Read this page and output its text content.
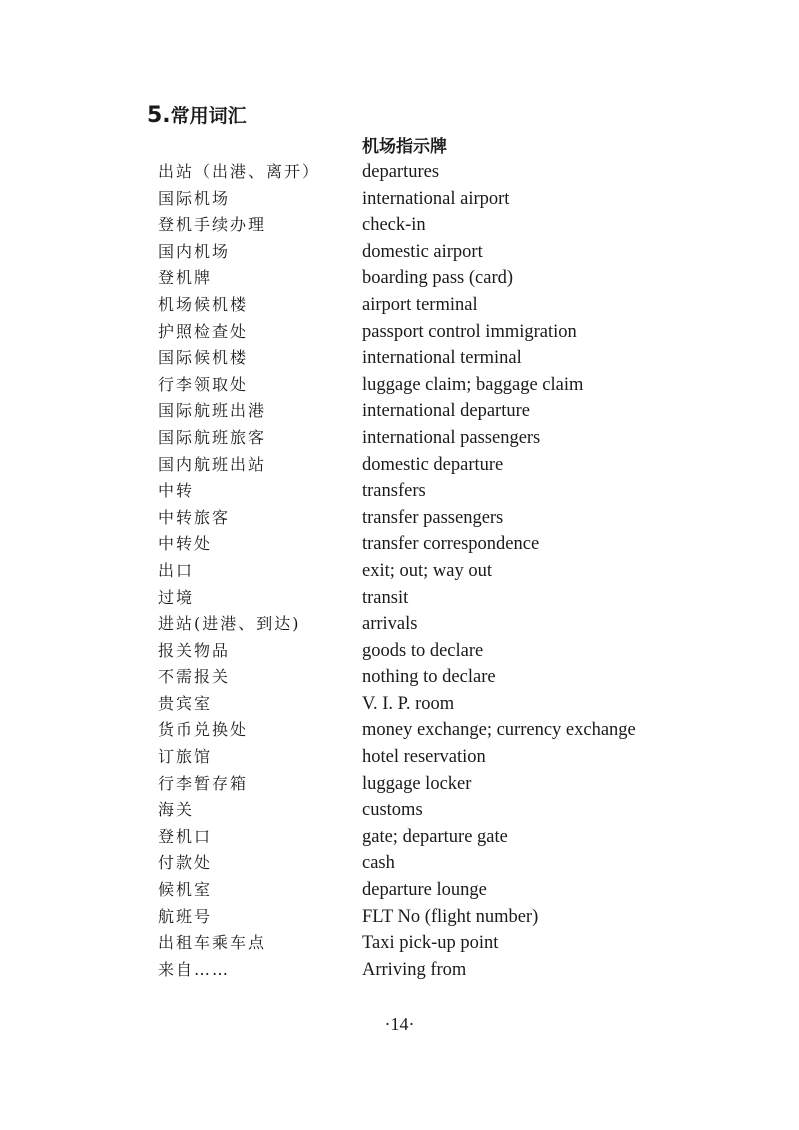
5.常用词汇
机场指示牌
出站（出港、离开） departures
国际机场	international airport
登机手续办理	check-in
国内机场	domestic airport
登机牌	boarding pass (card)
机场候机楼	airport terminal
护照检查处	passport control immigration
国际候机楼	international terminal
行李领取处	luggage claim; baggage claim
国际航班出港	international departure
国际航班旅客	international passengers
国内航班出站	domestic departure
中转	transfers
中转旅客	transfer passengers
中转处	transfer correspondence
出口	exit; out; way out
过境	transit
进站(进港、到达)	arrivals
报关物品	goods to declare
不需报关	nothing to declare
贵宾室	V. I. P. room
货币兑换处	money exchange; currency exchange
订旅馆	hotel reservation
行李暂存箱	luggage locker
海关	customs
登机口	gate; departure gate
付款处	cash
候机室	departure lounge
航班号	FLT No (flight number)
出租车乘车点	Taxi pick-up point
来自……	Arriving from
·14·
